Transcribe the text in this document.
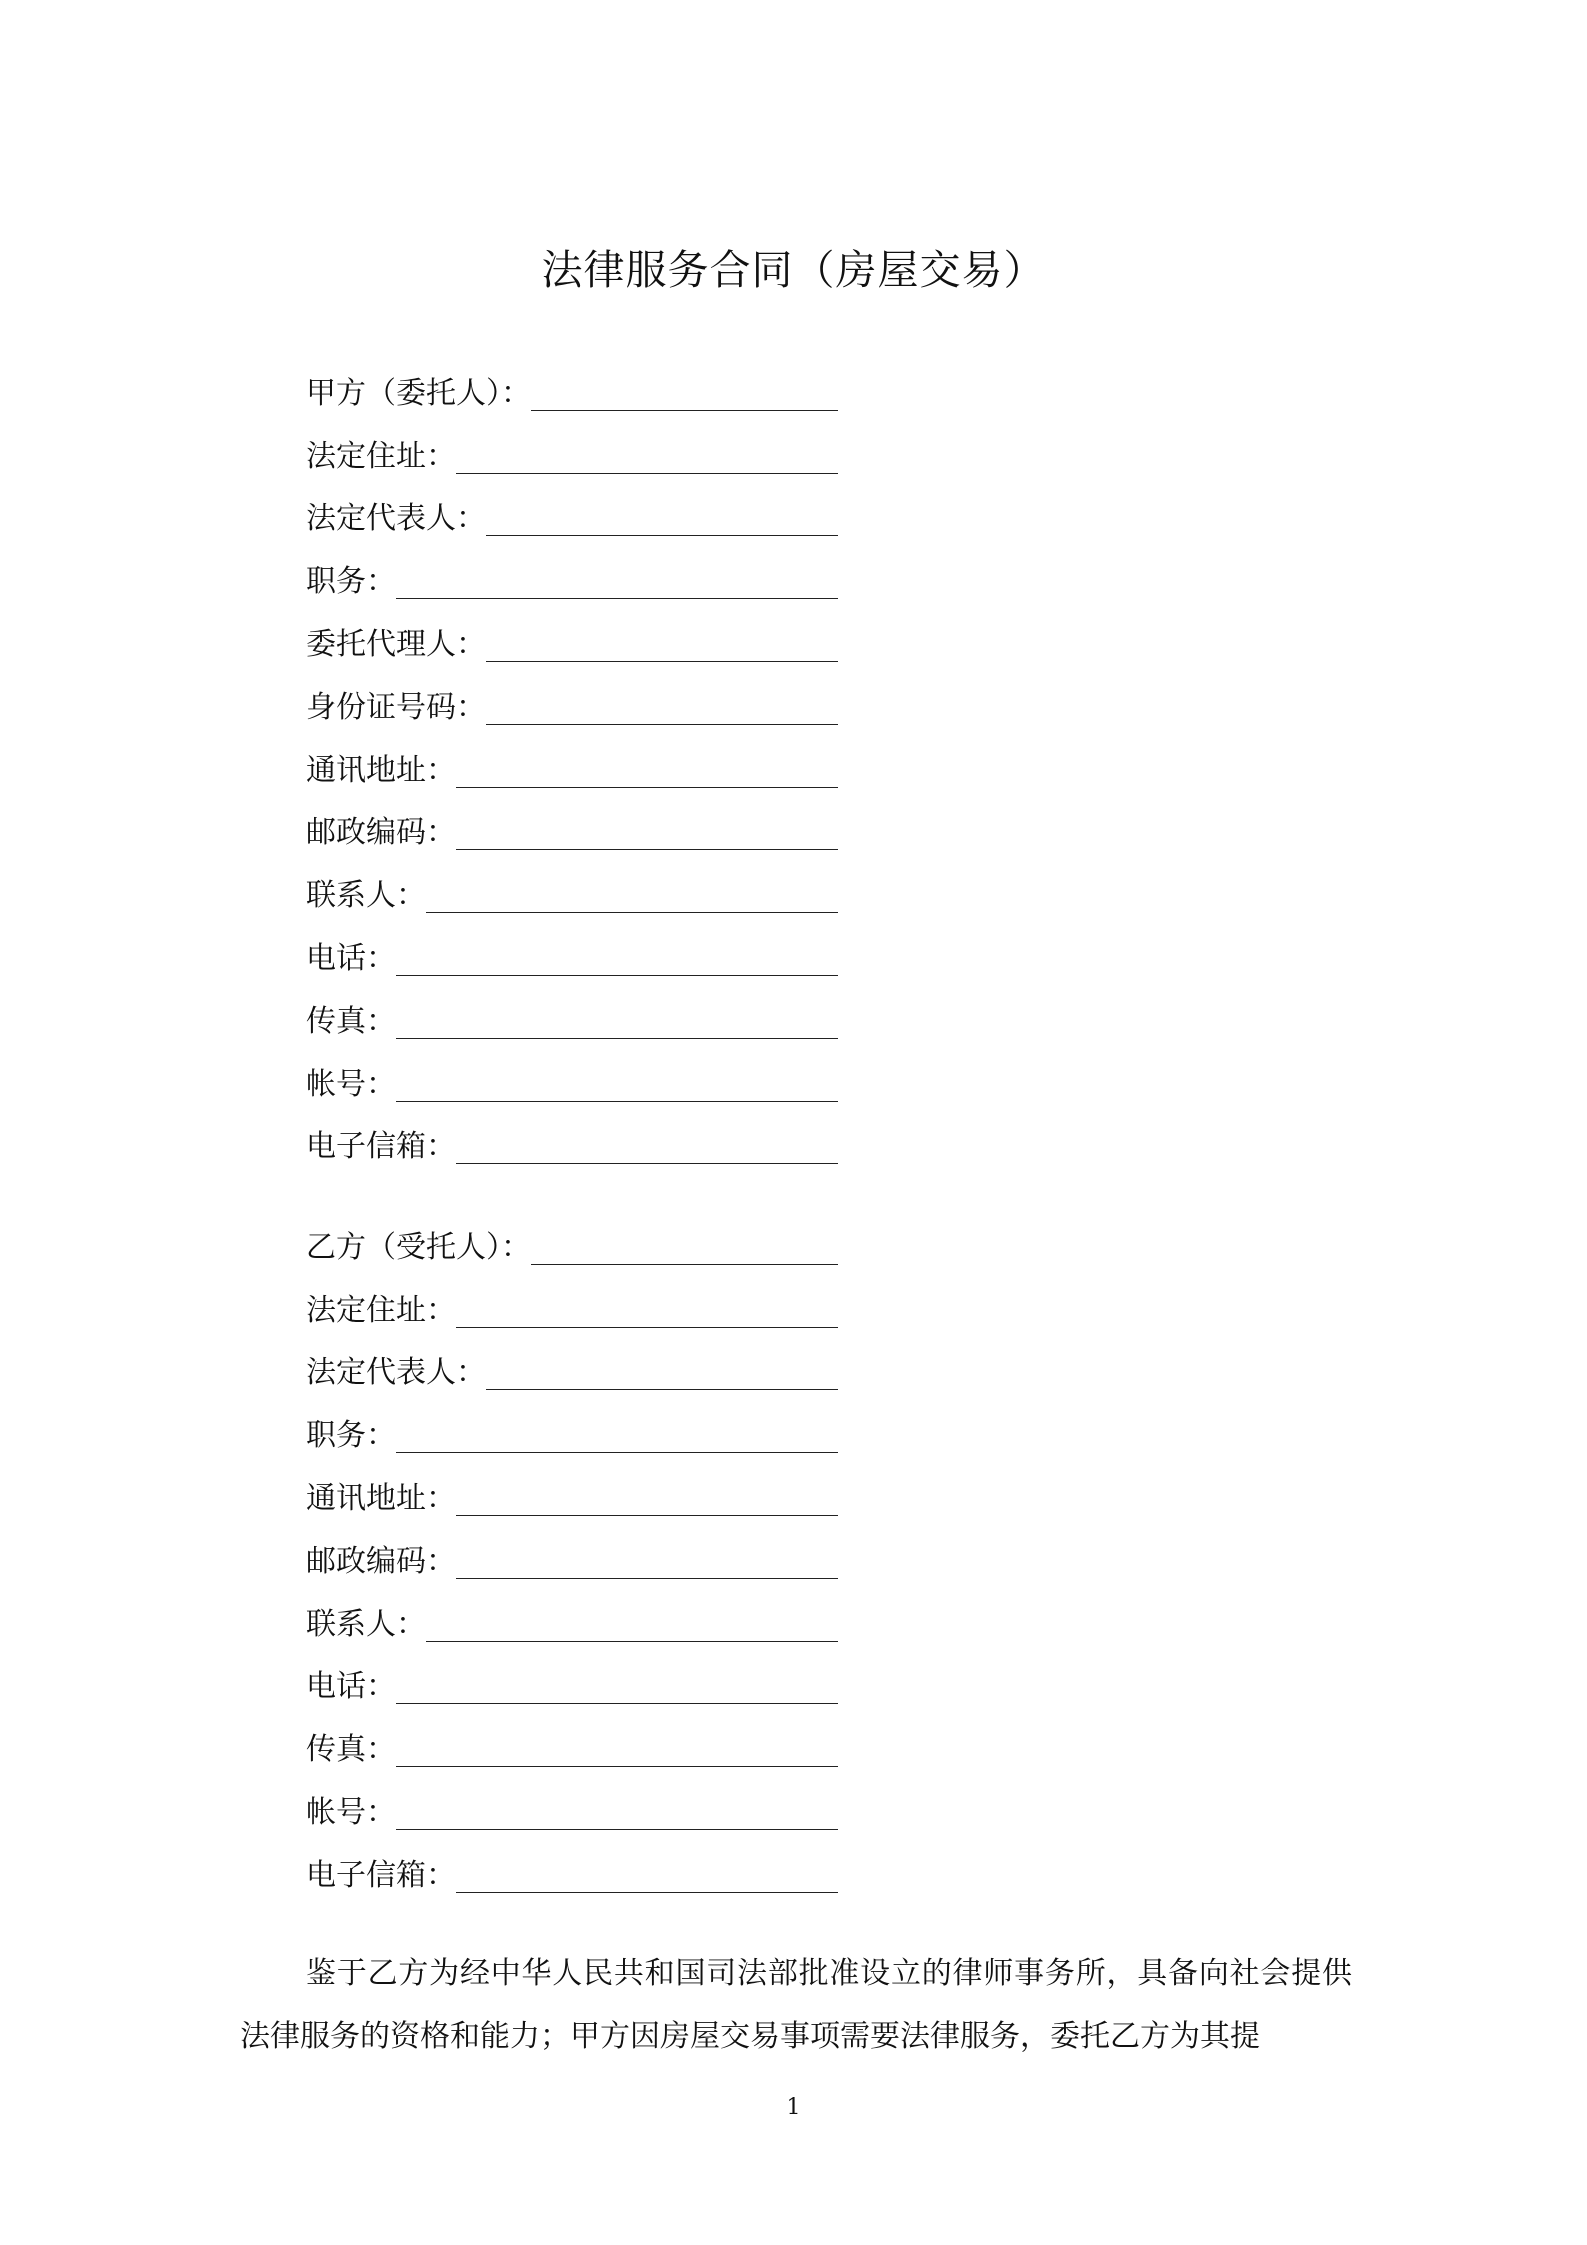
法律服务合同（房屋交易）
甲方（委托人）：
法定住址：
法定代表人：
职务：
委托代理人：
身份证号码：
通讯地址：
邮政编码：
联系人：
电话：
传真：
帐号：
电子信箱：
乙方（受托人）：
法定住址：
法定代表人：
职务：
通讯地址：
邮政编码：
联系人：
电话：
传真：
帐号：
电子信箱：

鉴于乙方为经中华人民共和国司法部批准设立的律师事务所，具备向社会提供法律服务的资格和能力；甲方因房屋交易事项需要法律服务，委托乙方为其提

1
